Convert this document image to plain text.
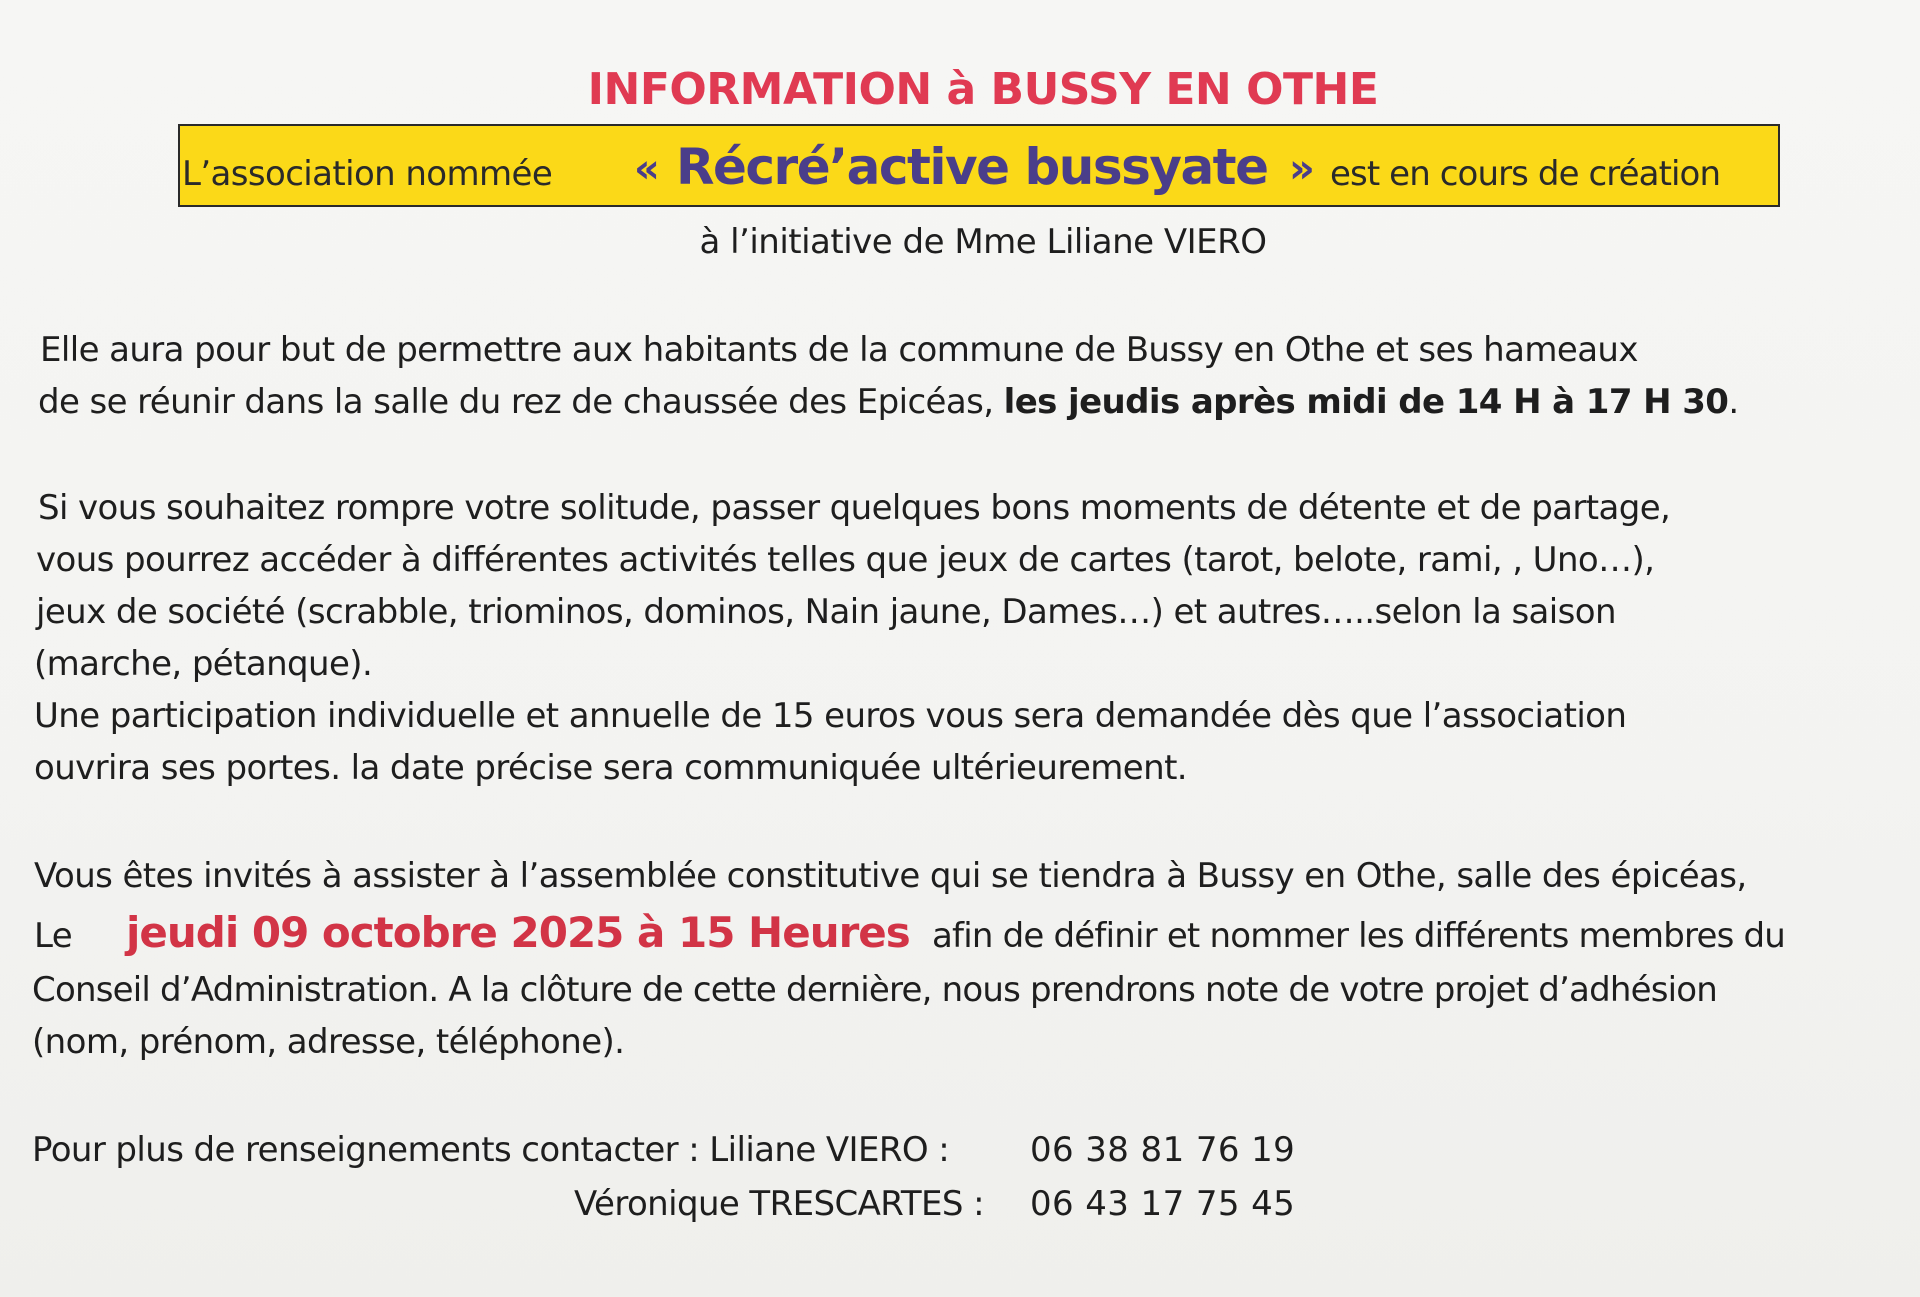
INFORMATION à BUSSY EN OTHE
L’association nommée « Récré’active bussyate » est en cours de création
à l’initiative de Mme Liliane VIERO
Elle aura pour but de permettre aux habitants de la commune de Bussy en Othe et ses hameaux
de se réunir dans la salle du rez de chaussée des Epicéas, les jeudis après midi de 14 H à 17 H 30.
Si vous souhaitez rompre votre solitude, passer quelques bons moments de détente et de partage,
vous pourrez accéder à différentes activités telles que jeux de cartes (tarot, belote, rami, , Uno…),
jeux de société (scrabble, triominos, dominos, Nain jaune, Dames…) et autres…..selon la saison
(marche, pétanque).
Une participation individuelle et annuelle de 15 euros vous sera demandée dès que l’association
ouvrira ses portes. la date précise sera communiquée ultérieurement.
Vous êtes invités à assister à l’assemblée constitutive qui se tiendra à Bussy en Othe, salle des épicéas,
Le jeudi 09 octobre 2025 à 15 Heures afin de définir et nommer les différents membres du
Conseil d’Administration. A la clôture de cette dernière, nous prendrons note de votre projet d’adhésion
(nom, prénom, adresse, téléphone).
Pour plus de renseignements contacter : Liliane VIERO : 06 38 81 76 19
Véronique TRESCARTES : 06 43 17 75 45
